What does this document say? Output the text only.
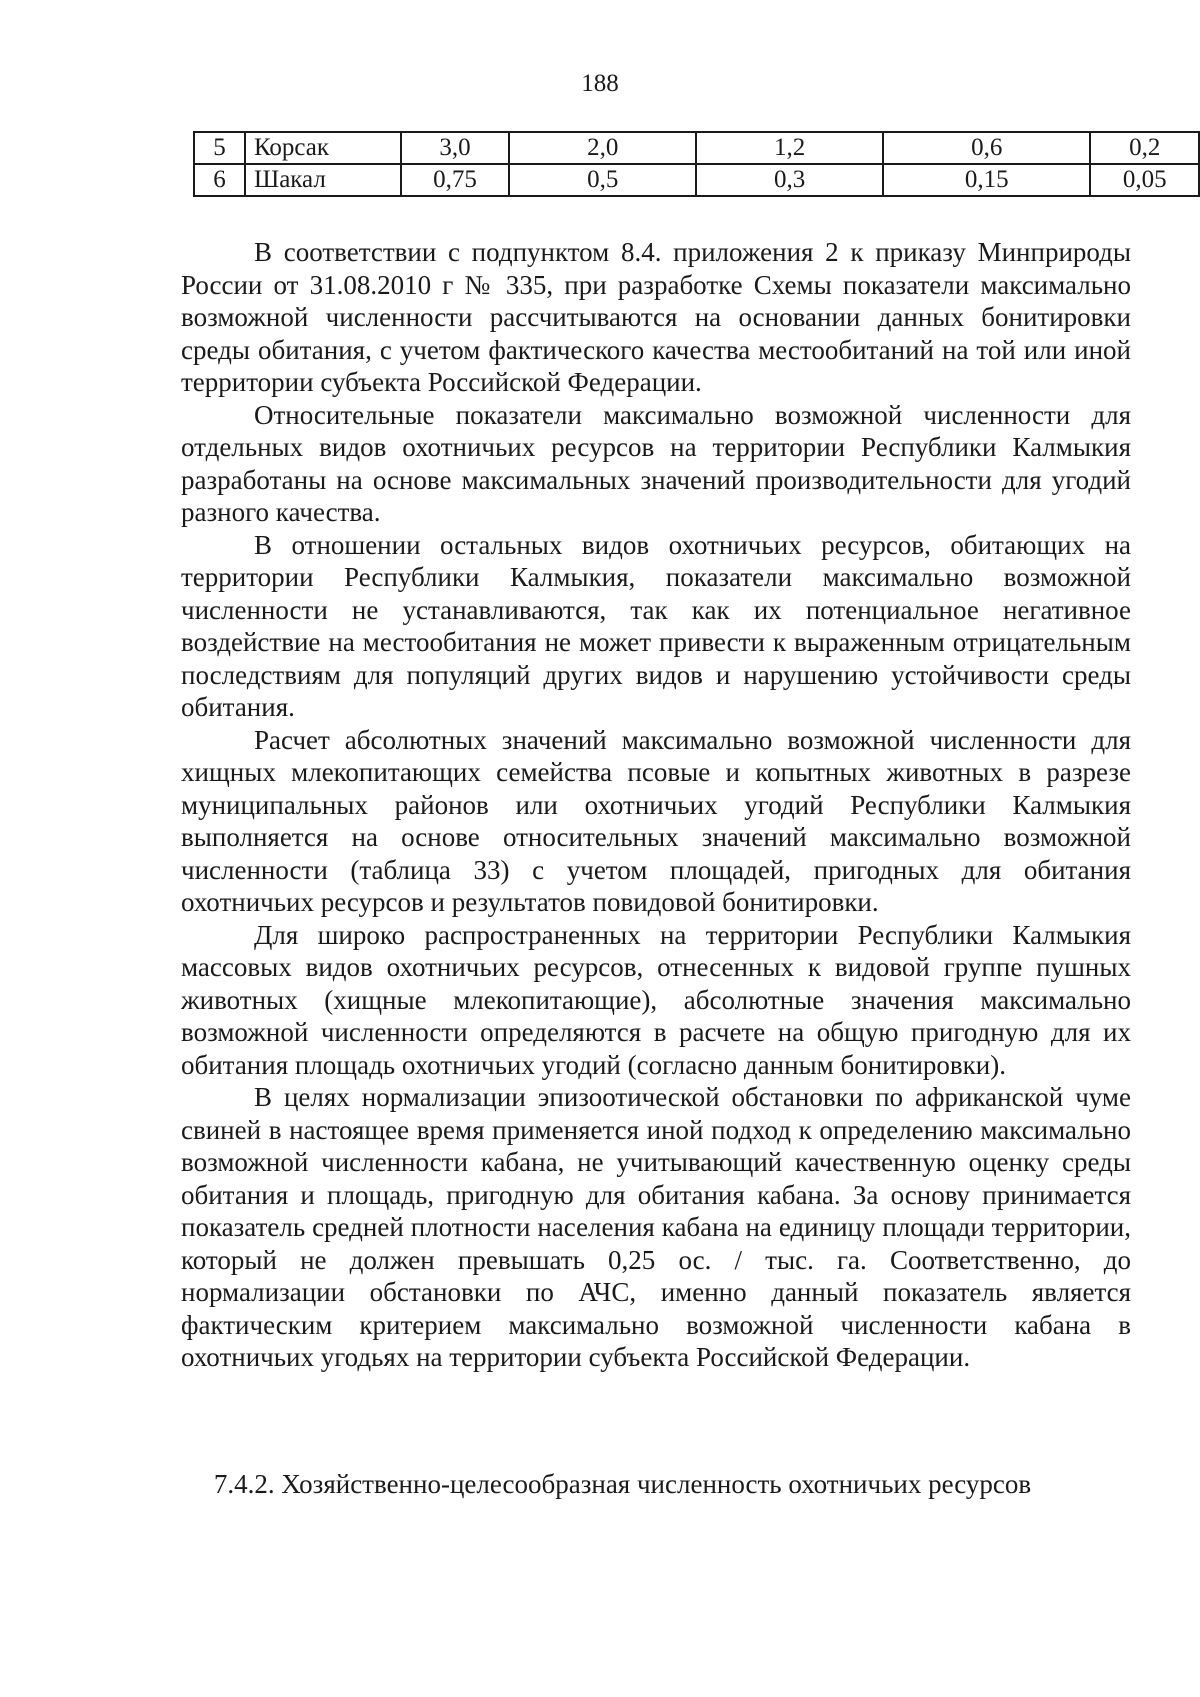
188
5	Корсак	3,0	2,0	1,2	0,6	0,2
6	Шакал	0,75	0,5	0,3	0,15	0,05

В соответствии с подпунктом 8.4. приложения 2 к приказу Минприроды России от 31.08.2010 г № 335, при разработке Схемы показатели максимально возможной численности рассчитываются на основании данных бонитировки среды обитания, с учетом фактического качества местообитаний на той или иной территории субъекта Российской Федерации.

Относительные показатели максимально возможной численности для отдельных видов охотничьих ресурсов на территории Республики Калмыкия разработаны на основе максимальных значений производительности для угодий разного качества.

В отношении остальных видов охотничьих ресурсов, обитающих на территории Республики Калмыкия, показатели максимально возможной численности не устанавливаются, так как их потенциальное негативное воздействие на местообитания не может привести к выраженным отрицательным последствиям для популяций других видов и нарушению устойчивости среды обитания.

Расчет абсолютных значений максимально возможной численности для хищных млекопитающих семейства псовые и копытных животных в разрезе муниципальных районов или охотничьих угодий Республики Калмыкия выполняется на основе относительных значений максимально возможной численности (таблица 33) с учетом площадей, пригодных для обитания охотничьих ресурсов и результатов повидовой бонитировки.

Для широко распространенных на территории Республики Калмыкия массовых видов охотничьих ресурсов, отнесенных к видовой группе пушных животных (хищные млекопитающие), абсолютные значения максимально возможной численности определяются в расчете на общую пригодную для их обитания площадь охотничьих угодий (согласно данным бонитировки).

В целях нормализации эпизоотической обстановки по африканской чуме свиней в настоящее время применяется иной подход к определению максимально возможной численности кабана, не учитывающий качественную оценку среды обитания и площадь, пригодную для обитания кабана. За основу принимается показатель средней плотности населения кабана на единицу площади территории, который не должен превышать 0,25 ос. / тыс. га. Соответственно, до нормализации обстановки по АЧС, именно данный показатель является фактическим критерием максимально возможной численности кабана в охотничьих угодьях на территории субъекта Российской Федерации.

7.4.2. Хозяйственно-целесообразная численность охотничьих ресурсов
